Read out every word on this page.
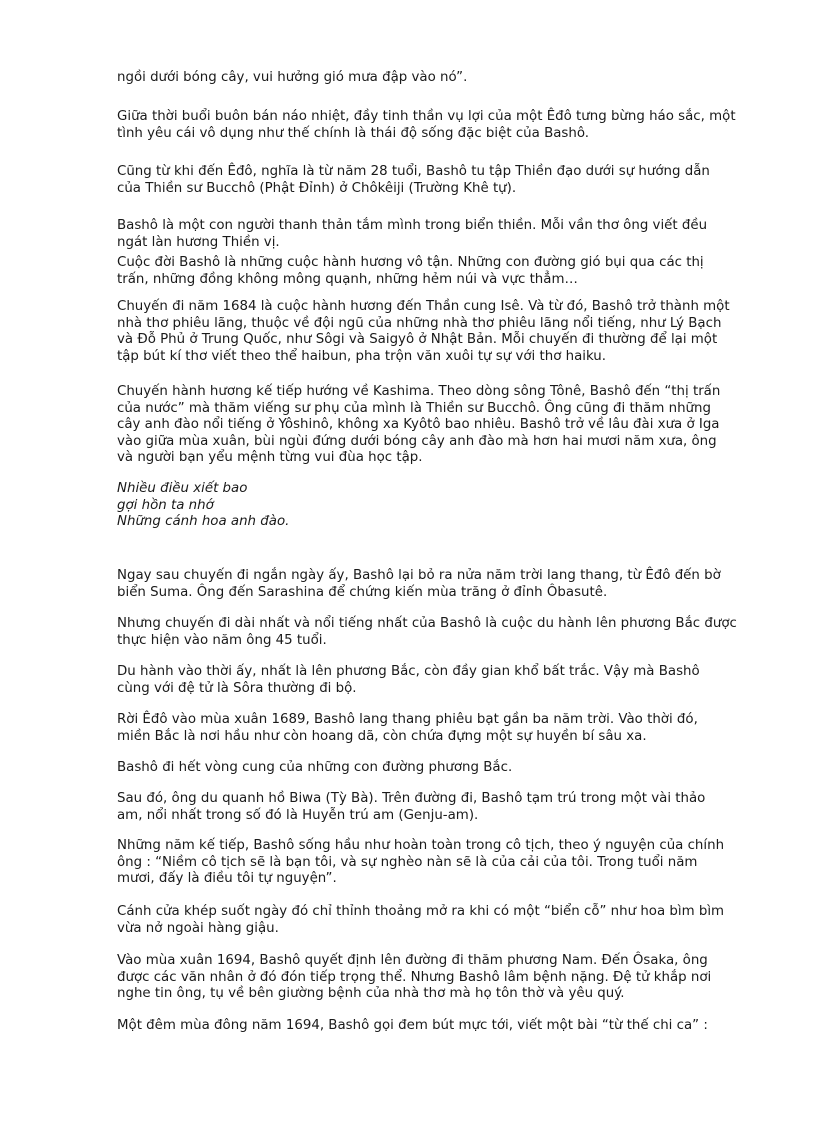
ngồi dưới bóng cây, vui hưởng gió mưa đập vào nó”.
Giữa thời buổi buôn bán náo nhiệt, đầy tinh thần vụ lợi của một Êđô tưng bừng háo sắc, một
tình yêu cái vô dụng như thế chính là thái độ sống đặc biệt của Bashô.
Cũng từ khi đến Êđô, nghĩa là từ năm 28 tuổi, Bashô tu tập Thiền đạo dưới sự hướng dẫn
của Thiền sư Bucchô (Phật Đỉnh) ở Chôkêiji (Trường Khê tự).
Bashô là một con người thanh thản tắm mình trong biển thiền. Mỗi vần thơ ông viết đều
ngát làn hương Thiền vị.
Cuộc đời Bashô là những cuộc hành hương vô tận. Những con đường gió bụi qua các thị
trấn, những đồng không mông quạnh, những hẻm núi và vực thẳm…
Chuyến đi năm 1684 là cuộc hành hương đến Thần cung Isê. Và từ đó, Bashô trở thành một
nhà thơ phiêu lãng, thuộc về đội ngũ của những nhà thơ phiêu lãng nổi tiếng, như Lý Bạch
và Đỗ Phủ ở Trung Quốc, như Sôgi và Saigyô ở Nhật Bản. Mỗi chuyến đi thường để lại một
tập bút kí thơ viết theo thể haibun, pha trộn văn xuôi tự sự với thơ haiku.
Chuyến hành hương kế tiếp hướng về Kashima. Theo dòng sông Tônê, Bashô đến “thị trấn
của nước” mà thăm viếng sư phụ của mình là Thiền sư Bucchô. Ông cũng đi thăm những
cây anh đào nổi tiếng ở Yôshinô, không xa Kyôtô bao nhiêu. Bashô trở về lâu đài xưa ở Iga
vào giữa mùa xuân, bùi ngùi đứng dưới bóng cây anh đào mà hơn hai mươi năm xưa, ông
và người bạn yểu mệnh từng vui đùa học tập.
Nhiều điều xiết bao
gợi hồn ta nhớ
Những cánh hoa anh đào.
Ngay sau chuyến đi ngắn ngày ấy, Bashô lại bỏ ra nửa năm trời lang thang, từ Êđô đến bờ
biển Suma. Ông đến Sarashina để chứng kiến mùa trăng ở đỉnh Ôbasutê.
Nhưng chuyến đi dài nhất và nổi tiếng nhất của Bashô là cuộc du hành lên phương Bắc được
thực hiện vào năm ông 45 tuổi.
Du hành vào thời ấy, nhất là lên phương Bắc, còn đầy gian khổ bất trắc. Vậy mà Bashô
cùng với đệ tử là Sôra thường đi bộ.
Rời Êđô vào mùa xuân 1689, Bashô lang thang phiêu bạt gần ba năm trời. Vào thời đó,
miền Bắc là nơi hầu như còn hoang dã, còn chứa đựng một sự huyền bí sâu xa.
Bashô đi hết vòng cung của những con đường phương Bắc.
Sau đó, ông du quanh hồ Biwa (Tỳ Bà). Trên đường đi, Bashô tạm trú trong một vài thảo
am, nổi nhất trong số đó là Huyễn trú am (Genju-am).
Những năm kế tiếp, Bashô sống hầu như hoàn toàn trong cô tịch, theo ý nguyện của chính
ông : “Niềm cô tịch sẽ là bạn tôi, và sự nghèo nàn sẽ là của cải của tôi. Trong tuổi năm
mươi, đấy là điều tôi tự nguyện”.
Cánh cửa khép suốt ngày đó chỉ thỉnh thoảng mở ra khi có một “biển cỗ” như hoa bìm bìm
vừa nở ngoài hàng giậu.
Vào mùa xuân 1694, Bashô quyết định lên đường đi thăm phương Nam. Đến Ôsaka, ông
được các văn nhân ở đó đón tiếp trọng thể. Nhưng Bashô lâm bệnh nặng. Đệ tử khắp nơi
nghe tin ông, tụ về bên giường bệnh của nhà thơ mà họ tôn thờ và yêu quý.
Một đêm mùa đông năm 1694, Bashô gọi đem bút mực tới, viết một bài “từ thế chi ca” :
